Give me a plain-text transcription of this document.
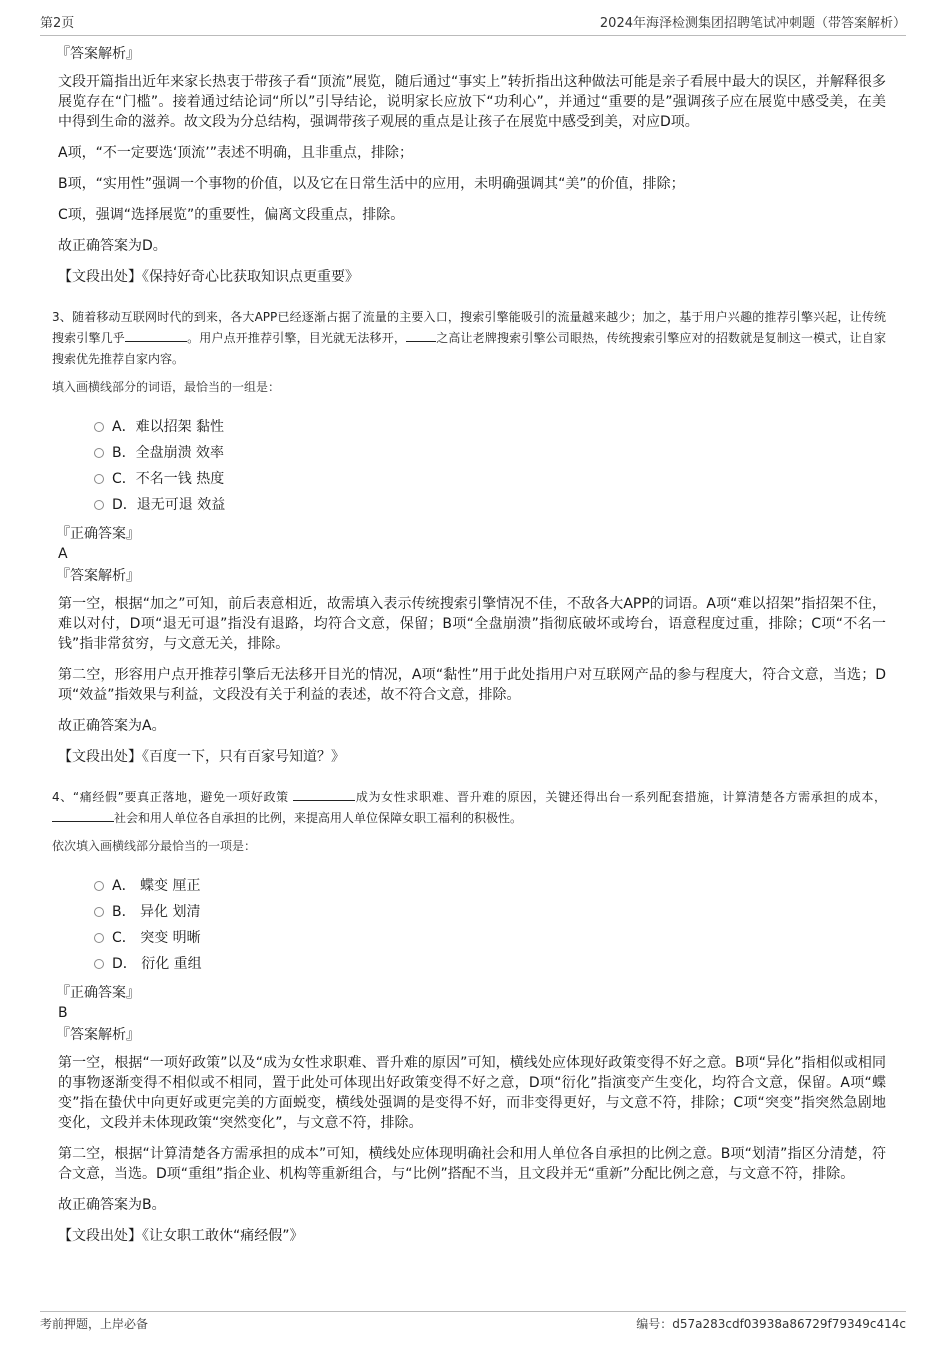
第2页	2024年海泽检测集团招聘笔试冲刺题（带答案解析）
『答案解析』

文段开篇指出近年来家长热衷于带孩子看“顶流”展览，随后通过“事实上”转折指出这种做法可能是亲子看展中最大的误区，并解释很多展览存在“门槛”。接着通过结论词“所以”引导结论，说明家长应放下“功利心”，并通过“重要的是”强调孩子应在展览中感受美，在美中得到生命的滋养。故文段为分总结构，强调带孩子观展的重点是让孩子在展览中感受到美，对应D项。

A项，“不一定要选‘顶流’”表述不明确，且非重点，排除；

B项，“实用性”强调一个事物的价值，以及它在日常生活中的应用，未明确强调其“美”的价值，排除；

C项，强调“选择展览”的重要性，偏离文段重点，排除。

故正确答案为D。

【文段出处】《保持好奇心比获取知识点更重要》

3、随着移动互联网时代的到来，各大APP已经逐渐占据了流量的主要入口，搜索引擎能吸引的流量越来越少；加之，基于用户兴趣的推荐引擎兴起，让传统搜索引擎几乎	。用户点开推荐引擎，目光就无法移开，	之高让老牌搜索引擎公司眼热，传统搜索引擎应对的招数就是复制这一模式，让自家搜索优先推荐自家内容。

填入画横线部分的词语，最恰当的一组是：
A．难以招架 黏性
B．全盘崩溃 效率
C．不名一钱 热度
D．退无可退 效益
『正确答案』
A
『答案解析』

第一空，根据“加之”可知，前后表意相近，故需填入表示传统搜索引擎情况不佳，不敌各大APP的词语。A项“难以招架”指招架不住，难以对付，D项“退无可退”指没有退路，均符合文意，保留；B项“全盘崩溃”指彻底破坏或垮台，语意程度过重，排除；C项“不名一钱”指非常贫穷，与文意无关，排除。

第二空，形容用户点开推荐引擎后无法移开目光的情况，A项“黏性”用于此处指用户对互联网产品的参与程度大，符合文意，当选；D项“效益”指效果与利益，文段没有关于利益的表述，故不符合文意，排除。

故正确答案为A。

【文段出处】《百度一下，只有百家号知道？》

4、“痛经假”要真正落地，避免一项好政策	成为女性求职难、晋升难的原因，关键还得出台一系列配套措施，计算清楚各方需承担的成本，社会和用人单位各自承担的比例，来提高用人单位保障女职工福利的积极性。

依次填入画横线部分最恰当的一项是：
A． 蝶变 厘正
B． 异化 划清
C． 突变 明晰
D． 衍化 重组
『正确答案』
B
『答案解析』

第一空，根据“一项好政策”以及“成为女性求职难、晋升难的原因”可知，横线处应体现好政策变得不好之意。B项“异化”指相似或相同的事物逐渐变得不相似或不相同，置于此处可体现出好政策变得不好之意，D项“衍化”指演变产生变化，均符合文意，保留。A项“蝶变”指在蛰伏中向更好或更完美的方面蜕变，横线处强调的是变得不好，而非变得更好，与文意不符，排除；C项“突变”指突然急剧地变化，文段并未体现政策“突然变化”，与文意不符，排除。

第二空，根据“计算清楚各方需承担的成本”可知，横线处应体现明确社会和用人单位各自承担的比例之意。B项“划清”指区分清楚，符合文意，当选。D项“重组”指企业、机构等重新组合，与“比例”搭配不当，且文段并无“重新”分配比例之意，与文意不符，排除。

故正确答案为B。

【文段出处】《让女职工敢休“痛经假”》
考前押题，上岸必备	编号：d57a283cdf03938a86729f79349c414c
